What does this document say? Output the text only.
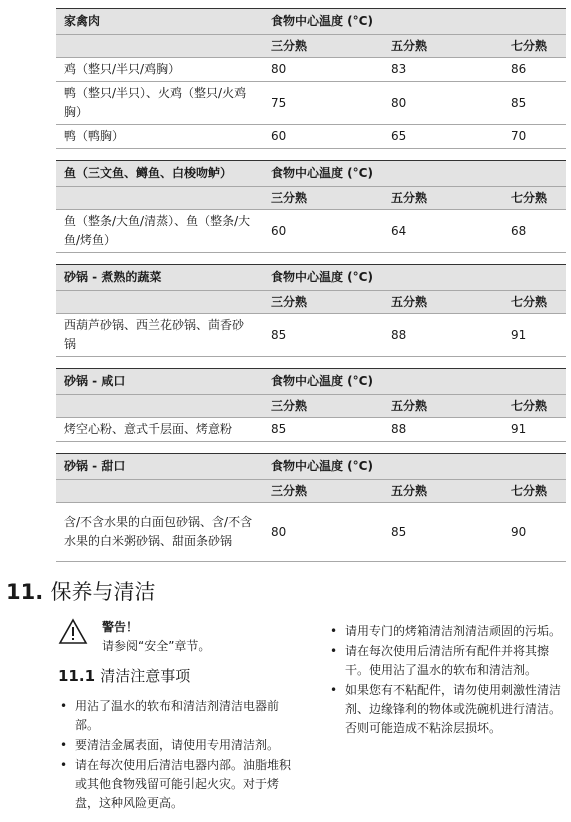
家禽肉	食物中心温度 (°C)		
	三分熟	五分熟	七分熟
鸡（整只/半只/鸡胸）	80	83	86
鸭（整只/半只）、火鸡（整只/火鸡胸）	75	80	85
鸭（鸭胸）	60	65	70
鱼（三文鱼、鳟鱼、白梭吻鲈）	食物中心温度 (°C)		
	三分熟	五分熟	七分熟
鱼（整条/大鱼/清蒸）、鱼（整条/大鱼/烤鱼）	60	64	68
砂锅 - 煮熟的蔬菜	食物中心温度 (°C)		
	三分熟	五分熟	七分熟
西葫芦砂锅、西兰花砂锅、茴香砂锅	85	88	91
砂锅 - 咸口	食物中心温度 (°C)		
	三分熟	五分熟	七分熟
烤空心粉、意式千层面、烤意粉	85	88	91
砂锅 - 甜口	食物中心温度 (°C)		
	三分熟	五分熟	七分熟
含/不含水果的白面包砂锅、含/不含水果的白米粥砂锅、甜面条砂锅	80	85	90
11. 保养与清洁
警告！
请参阅“安全”章节。
11.1 清洁注意事项
• 用沾了温水的软布和清洁剂清洁电器前部。
• 要清洁金属表面，请使用专用清洁剂。
• 请在每次使用后清洁电器内部。油脂堆积或其他食物残留可能引起火灾。对于烤盘，这种风险更高。
• 请用专门的烤箱清洁剂清洁顽固的污垢。
• 请在每次使用后清洁所有配件并将其擦干。使用沾了温水的软布和清洁剂。
• 如果您有不粘配件，请勿使用刺激性清洁剂、边缘锋利的物体或洗碗机进行清洁。否则可能造成不粘涂层损坏。
